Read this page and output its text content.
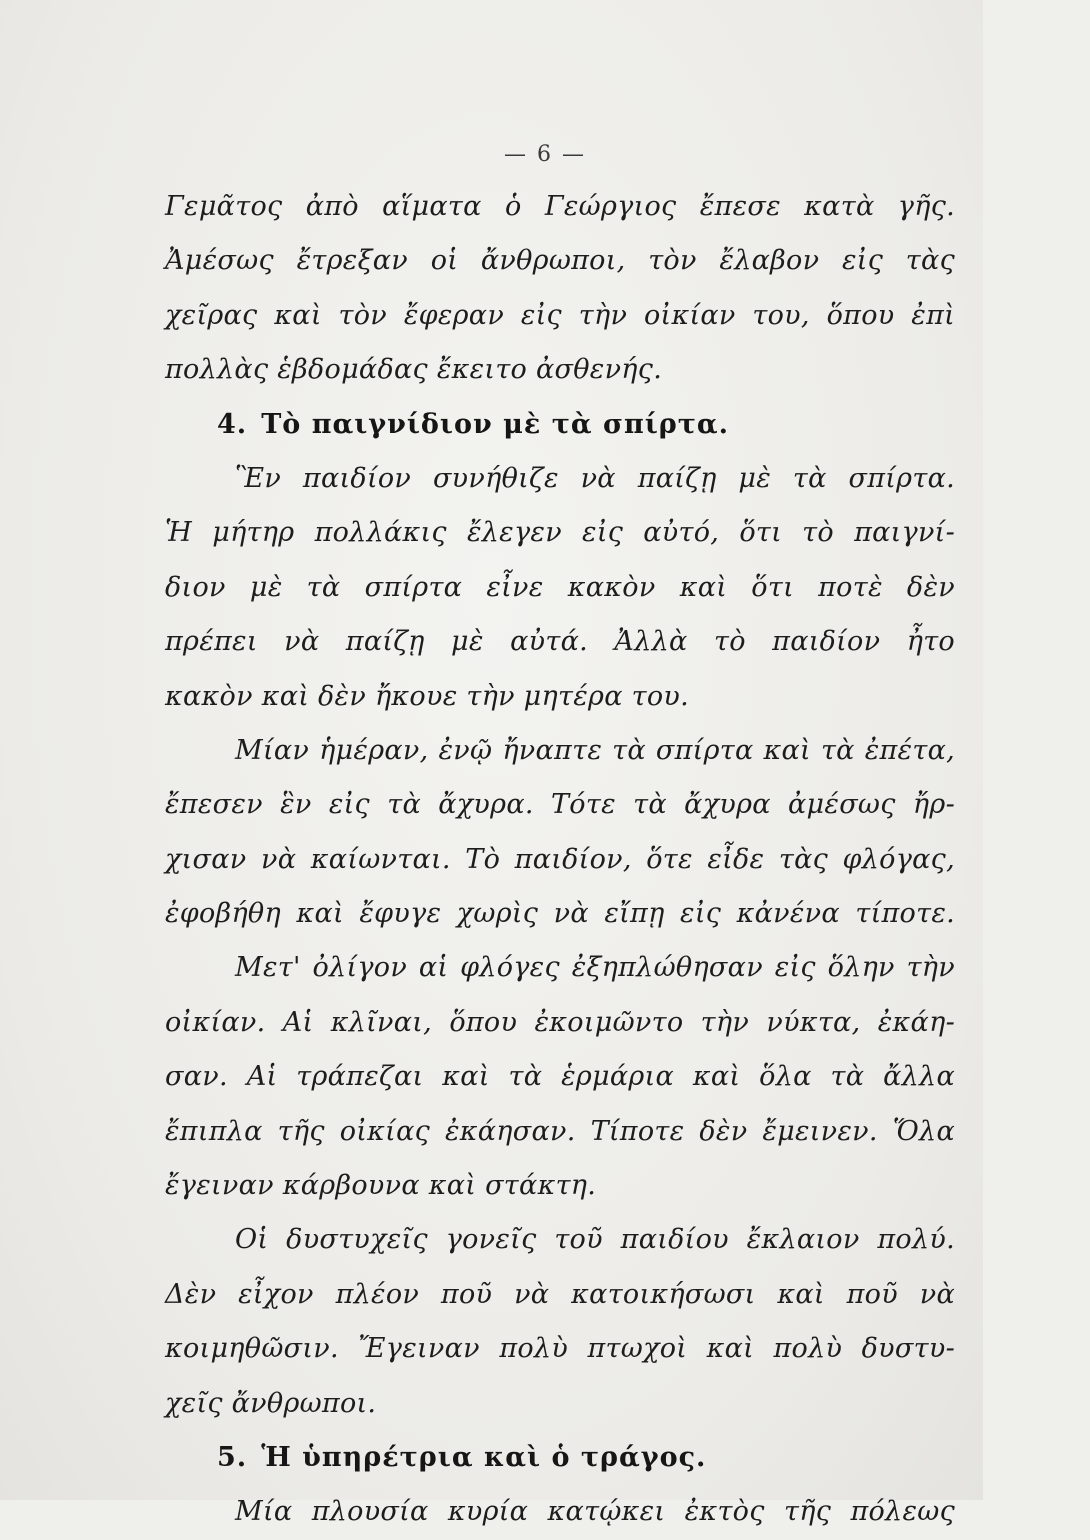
— 6 —
Γεμᾶτος ἀπὸ αἵματα ὁ Γεώργιος ἔπεσε κατὰ γῆς.
Ἀμέσως ἔτρεξαν οἱ ἄνθρωποι, τὸν ἔλαβον εἰς τὰς
χεῖρας καὶ τὸν ἔφεραν εἰς τὴν οἰκίαν του, ὅπου ἐπὶ
πολλὰς ἑβδομάδας ἔκειτο ἀσθενής.
4. Τὸ παιγνίδιον μὲ τὰ σπίρτα.
Ἓν παιδίον συνήθιζε νὰ παίζῃ μὲ τὰ σπίρτα.
Ἡ μήτηρ πολλάκις ἔλεγεν εἰς αὐτό, ὅτι τὸ παιγνί-
διον μὲ τὰ σπίρτα εἶνε κακὸν καὶ ὅτι ποτὲ δὲν
πρέπει νὰ παίζῃ μὲ αὐτά. Ἀλλὰ τὸ παιδίον ἦτο
κακὸν καὶ δὲν ἤκουε τὴν μητέρα του.
Μίαν ἡμέραν, ἐνῷ ἤναπτε τὰ σπίρτα καὶ τὰ ἐπέτα,
ἔπεσεν ἓν εἰς τὰ ἄχυρα. Τότε τὰ ἄχυρα ἀμέσως ἤρ-
χισαν νὰ καίωνται. Τὸ παιδίον, ὅτε εἶδε τὰς φλόγας,
ἐφοβήθη καὶ ἔφυγε χωρὶς νὰ εἴπῃ εἰς κἀνένα τίποτε.
Μετ' ὀλίγον αἱ φλόγες ἐξηπλώθησαν εἰς ὅλην τὴν
οἰκίαν. Αἱ κλῖναι, ὅπου ἐκοιμῶντο τὴν νύκτα, ἐκάη-
σαν. Αἱ τράπεζαι καὶ τὰ ἑρμάρια καὶ ὅλα τὰ ἄλλα
ἔπιπλα τῆς οἰκίας ἐκάησαν. Τίποτε δὲν ἔμεινεν. Ὅλα
ἔγειναν κάρβουνα καὶ στάκτη.
Οἱ δυστυχεῖς γονεῖς τοῦ παιδίου ἔκλαιον πολύ.
Δὲν εἶχον πλέον ποῦ νὰ κατοικήσωσι καὶ ποῦ νὰ
κοιμηθῶσιν. Ἔγειναν πολὺ πτωχοὶ καὶ πολὺ δυστυ-
χεῖς ἄνθρωποι.
5. Ἡ ὑπηρέτρια καὶ ὁ τράγος.
Μία πλουσία κυρία κατῴκει ἐκτὸς τῆς πόλεως
